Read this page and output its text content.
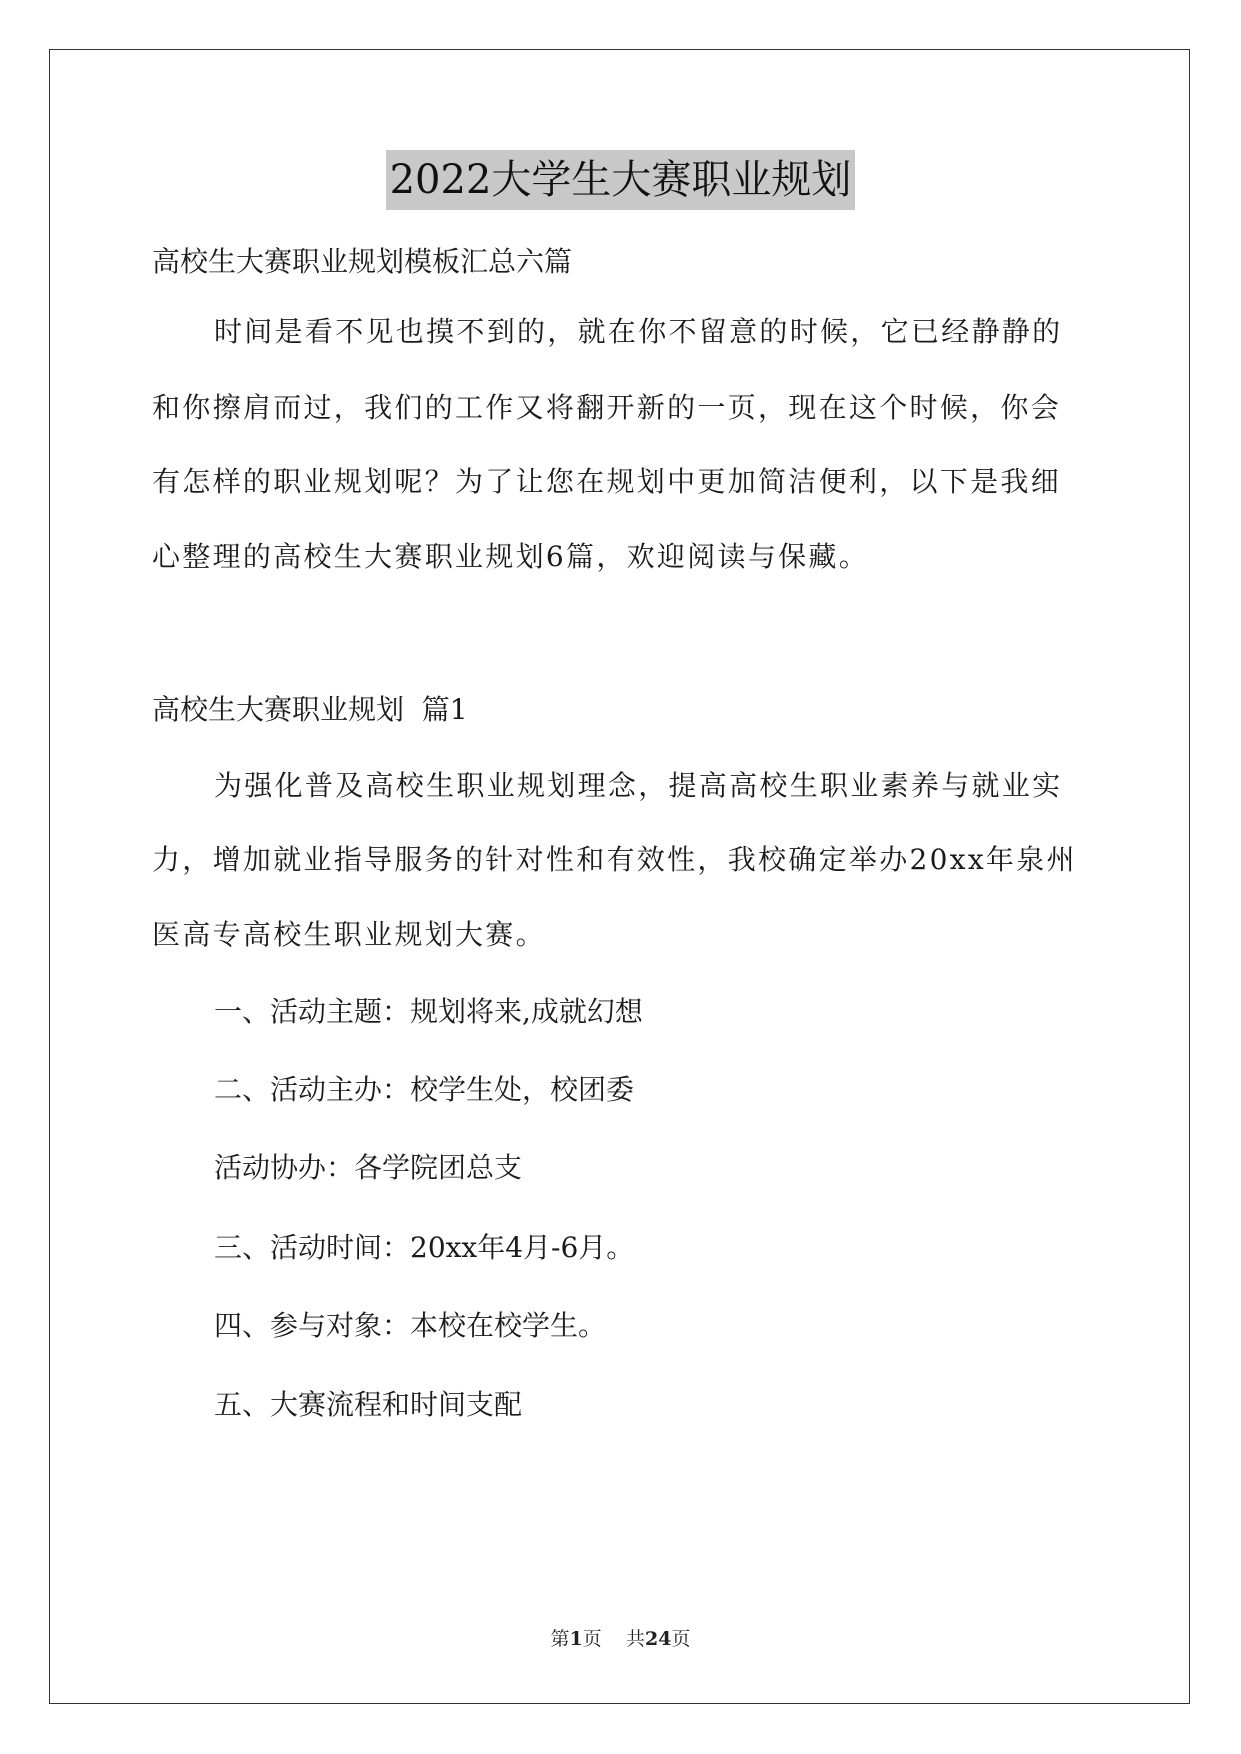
2022大学生大赛职业规划
高校生大赛职业规划模板汇总六篇
时间是看不见也摸不到的，就在你不留意的时候，它已经静静的
和你擦肩而过，我们的工作又将翻开新的一页，现在这个时候，你会
有怎样的职业规划呢？为了让您在规划中更加简洁便利，以下是我细
心整理的高校生大赛职业规划6篇，欢迎阅读与保藏。
高校生大赛职业规划  篇1
为强化普及高校生职业规划理念，提高高校生职业素养与就业实
力，增加就业指导服务的针对性和有效性，我校确定举办20xx年泉州
医高专高校生职业规划大赛。
一、活动主题：规划将来,成就幻想
二、活动主办：校学生处，校团委
活动协办：各学院团总支
三、活动时间：20xx年4月-6月。
四、参与对象：本校在校学生。
五、大赛流程和时间支配
第1页 共24页
